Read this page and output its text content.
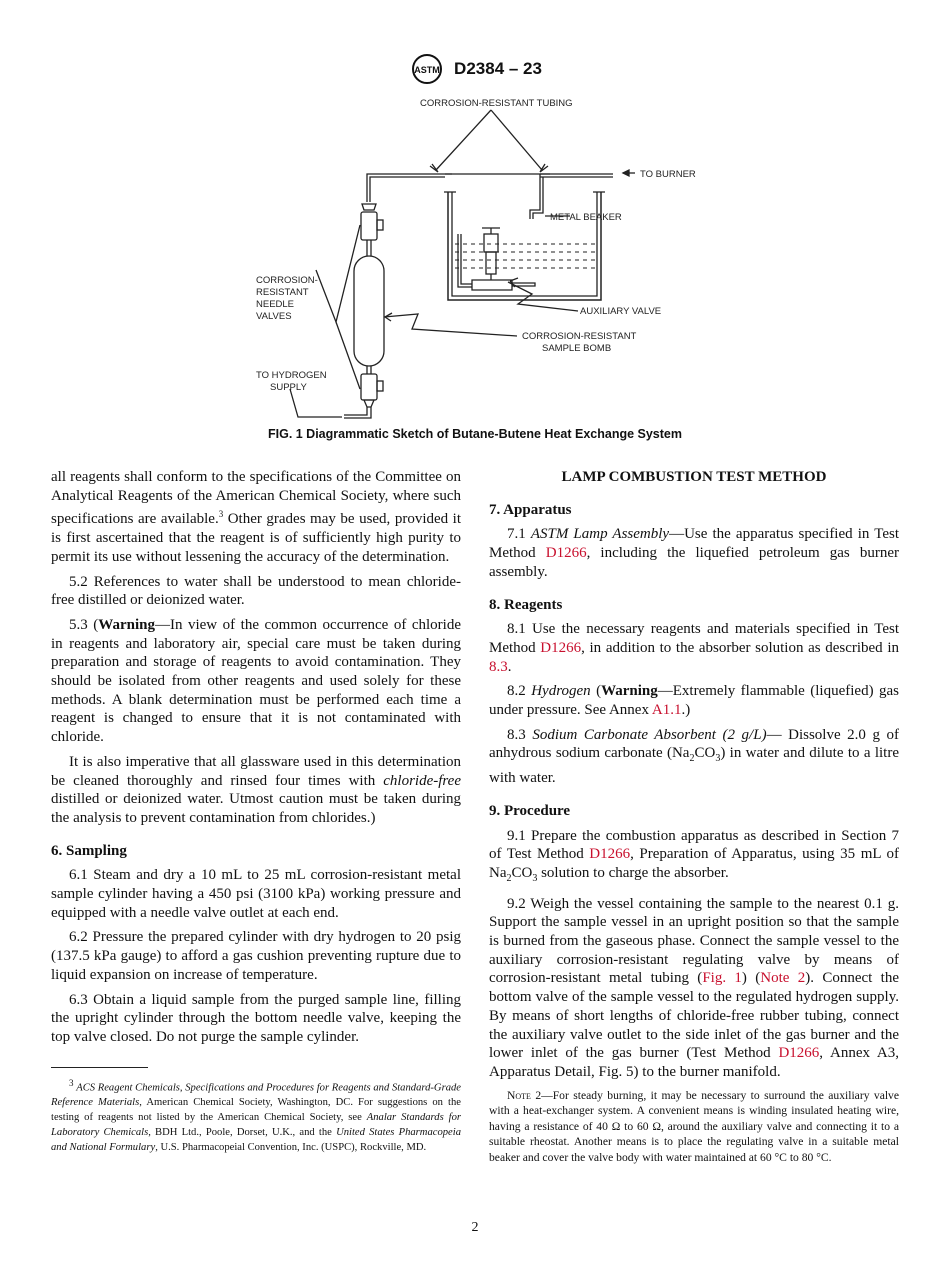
ASTM D2384 – 23
CORROSION-RESISTANT TUBING
TO BURNER
METAL BEAKER
CORROSION-
RESISTANT
NEEDLE
VALVES	AUXILIARY VALVE
CORROSION-RESISTANT
SAMPLE BOMB
TO HYDROGEN
SUPPLY
FIG. 1 Diagrammatic Sketch of Butane-Butene Heat Exchange System

all reagents shall conform to the specifications of the Committee on Analytical Reagents of the American Chemical Society, where such specifications are available.$^3$ Other grades may be used, provided it is first ascertained that the reagent is of sufficiently high purity to permit its use without lessening the accuracy of the determination.

5.2 References to water shall be understood to mean chloride-free distilled or deionized water.

5.3 (Warning—In view of the common occurrence of chloride in reagents and laboratory air, special care must be taken during preparation and storage of reagents to avoid contamination. They should be isolated from other reagents and used solely for these methods. A blank determination must be performed each time a reagent is changed to ensure that it is not contaminated with chloride.

It is also imperative that all glassware used in this determination be cleaned thoroughly and rinsed four times with chloride-free distilled or deionized water. Utmost caution must be taken during the analysis to prevent contamination from chlorides.)

6. Sampling

6.1 Steam and dry a 10 mL to 25 mL corrosion-resistant metal sample cylinder having a 450 psi (3100 kPa) working pressure and equipped with a needle valve outlet at each end.

6.2 Pressure the prepared cylinder with dry hydrogen to 20 psig (137.5 kPa gauge) to afford a gas cushion preventing rupture due to liquid expansion on increase of temperature.

6.3 Obtain a liquid sample from the purged sample line, filling the upright cylinder through the bottom needle valve, keeping the top valve closed. Do not purge the sample cylinder.

$^3$ ACS Reagent Chemicals, Specifications and Procedures for Reagents and Standard-Grade Reference Materials, American Chemical Society, Washington, DC. For suggestions on the testing of reagents not listed by the American Chemical Society, see Analar Standards for Laboratory Chemicals, BDH Ltd., Poole, Dorset, U.K., and the United States Pharmacopeia and National Formulary, U.S. Pharmacopeial Convention, Inc. (USPC), Rockville, MD.

LAMP COMBUSTION TEST METHOD
7. Apparatus

7.1 ASTM Lamp Assembly—Use the apparatus specified in Test Method D1266, including the liquefied petroleum gas burner assembly.

8. Reagents

8.1 Use the necessary reagents and materials specified in Test Method D1266, in addition to the absorber solution as described in 8.3.

8.2 Hydrogen (Warning—Extremely flammable (liquefied) gas under pressure. See Annex A1.1.)

8.3 Sodium Carbonate Absorbent (2 g/L)— Dissolve 2.0 g of anhydrous sodium carbonate $(Na_2CO_3)$ in water and dilute to a litre with water.

9. Procedure

9.1 Prepare the combustion apparatus as described in Section 7 of Test Method D1266, Preparation of Apparatus, using 35 mL of $Na_2CO_3$ solution to charge the absorber.

9.2 Weigh the vessel containing the sample to the nearest 0.1 g. Support the sample vessel in an upright position so that the sample is burned from the gaseous phase. Connect the sample vessel to the auxiliary corrosion-resistant regulating valve by means of corrosion-resistant metal tubing (Fig. 1) (Note 2). Connect the bottom valve of the sample vessel to the regulated hydrogen supply. By means of short lengths of chloride-free rubber tubing, connect the auxiliary valve outlet to the side inlet of the gas burner and the lower inlet of the gas burner (Test Method D1266, Annex A3, Apparatus Detail, Fig. 5) to the burner manifold.

Note 2—For steady burning, it may be necessary to surround the auxiliary valve with a heat-exchanger system. A convenient means is winding insulated heating wire, having a resistance of 40 Ω to 60 Ω, around the auxiliary valve and connecting it to a suitable rheostat. Another means is to place the regulating valve in a suitable metal beaker and cover the valve body with water maintained at 60 °C to 80 °C.

2
